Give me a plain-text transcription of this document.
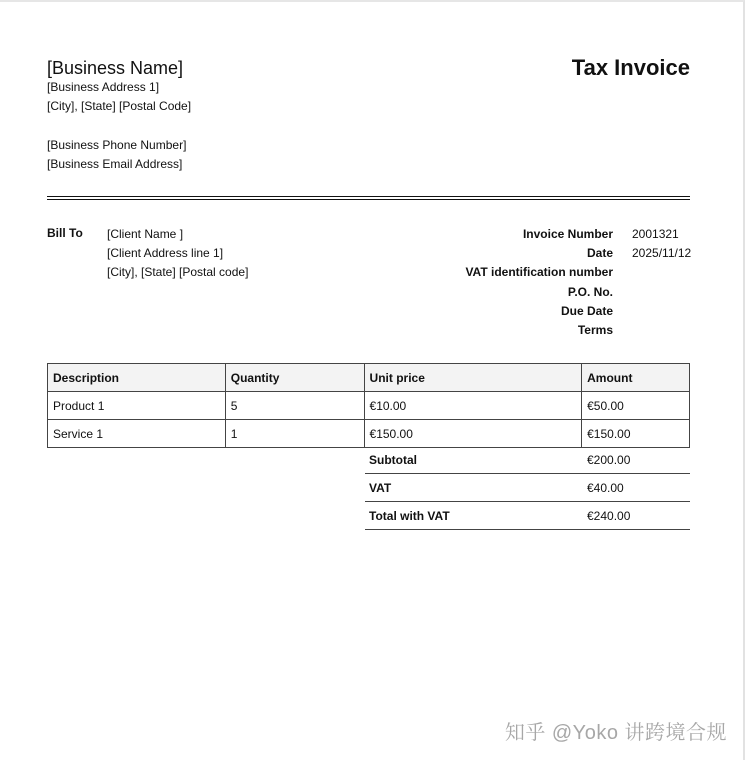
[Business Name]
[Business Address 1]
[City], [State] [Postal Code]
[Business Phone Number]
[Business Email Address]
Tax Invoice
Bill To [Client Name ]
[Client Address line 1]
[City], [State] [Postal code]
Invoice Number 2001321
Date 2025/11/12
VAT identification number
P.O. No.
Due Date
Terms
Description	Quantity	Unit price	Amount
Product 1	5	€10.00	€50.00
Service 1	1	€150.00	€150.00
Subtotal	€200.00
VAT	€40.00
Total with VAT	€240.00
知乎 @Yoko 讲跨境合规
